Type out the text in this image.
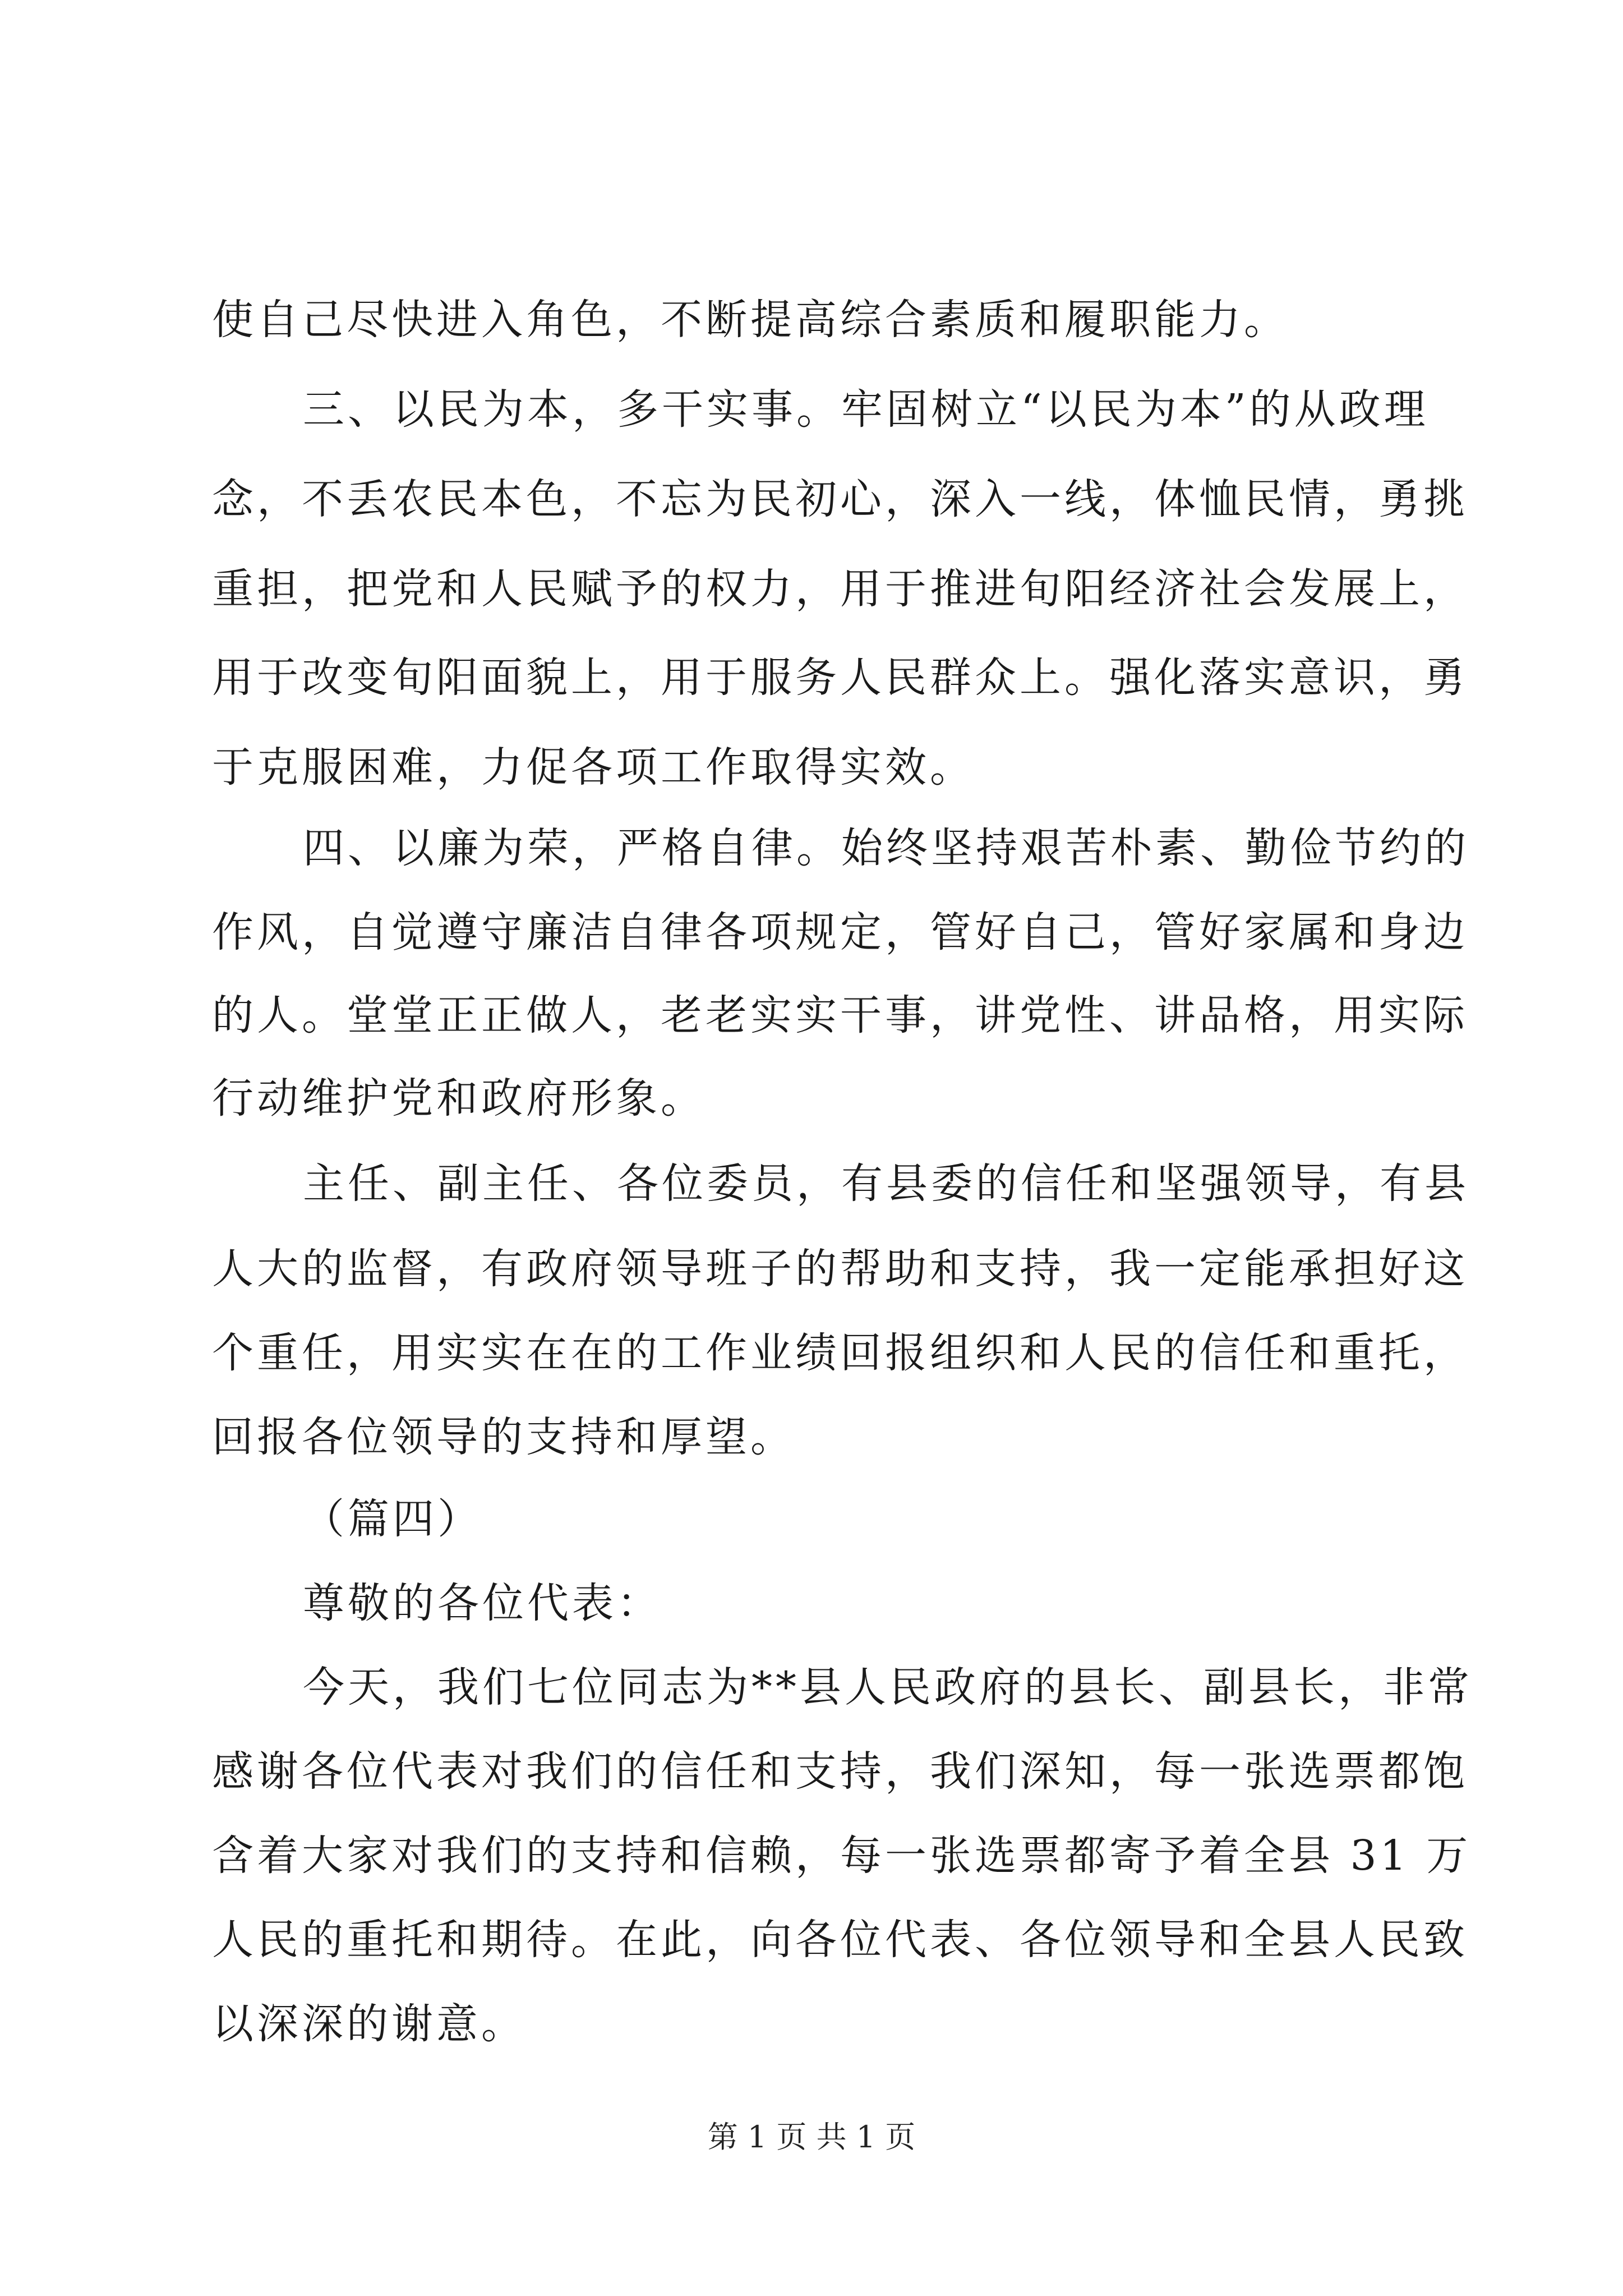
使自己尽快进入角色，不断提高综合素质和履职能力。
三、以民为本，多干实事。牢固树立“以民为本”的从政理
念，不丢农民本色，不忘为民初心，深入一线，体恤民情，勇挑
重担，把党和人民赋予的权力，用于推进旬阳经济社会发展上，
用于改变旬阳面貌上，用于服务人民群众上。强化落实意识，勇
于克服困难，力促各项工作取得实效。
四、以廉为荣，严格自律。始终坚持艰苦朴素、勤俭节约的
作风，自觉遵守廉洁自律各项规定，管好自己，管好家属和身边
的人。堂堂正正做人，老老实实干事，讲党性、讲品格，用实际
行动维护党和政府形象。
主任、副主任、各位委员，有县委的信任和坚强领导，有县
人大的监督，有政府领导班子的帮助和支持，我一定能承担好这
个重任，用实实在在的工作业绩回报组织和人民的信任和重托，
回报各位领导的支持和厚望。
（篇四）
尊敬的各位代表：
今天，我们七位同志为**县人民政府的县长、副县长，非常
感谢各位代表对我们的信任和支持，我们深知，每一张选票都饱
含着大家对我们的支持和信赖，每一张选票都寄予着全县 31 万
人民的重托和期待。在此，向各位代表、各位领导和全县人民致
以深深的谢意。
第 1 页 共 1 页
